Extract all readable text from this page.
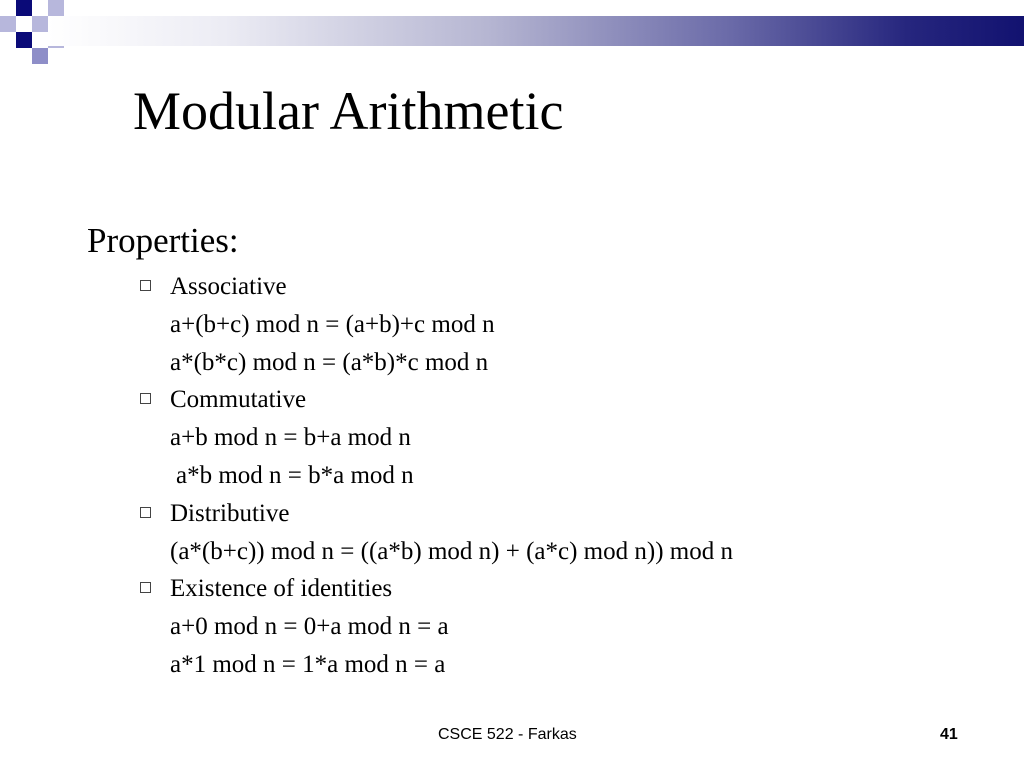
Modular Arithmetic
Properties:
Associative
a+(b+c) mod n = (a+b)+c mod n
a*(b*c) mod n = (a*b)*c mod n
Commutative
a+b mod n = b+a mod n
a*b mod n = b*a mod n
Distributive
(a*(b+c)) mod n = ((a*b) mod n) + (a*c) mod n)) mod n
Existence of identities
a+0 mod n = 0+a mod n = a
a*1 mod n = 1*a mod n = a
CSCE 522 - Farkas	41
